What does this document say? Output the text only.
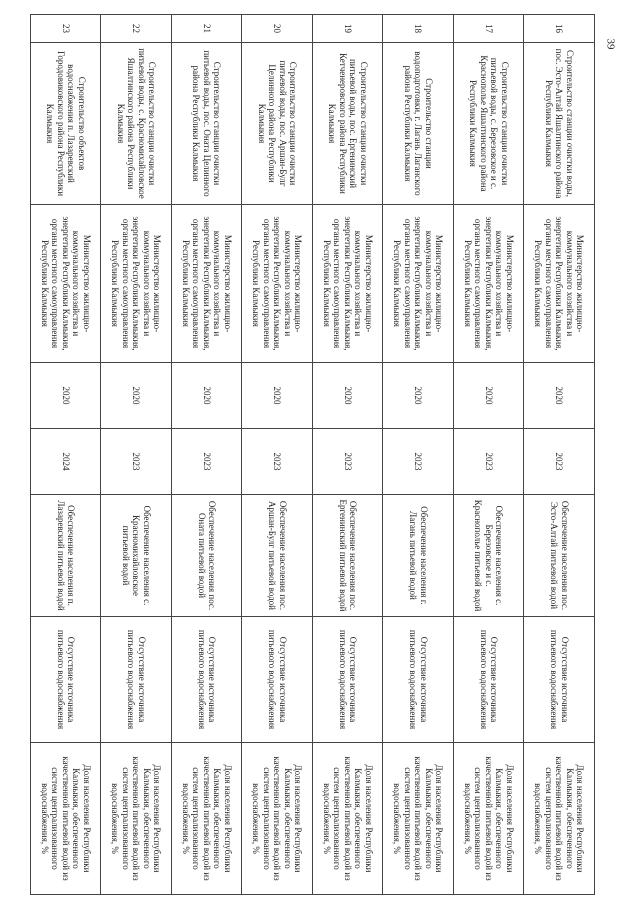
39
16	Строительство станции очистки воды, пос. Эсто-Алтай Яшалтинского района Республики Калмыкия	Министерство жилищно-коммунального хозяйства и энергетики Республики Калмыкия, органы местного самоуправления Республики Калмыкия	2020	2023	Обеспечение населения пос. Эсто-Алтай питьевой водой	Отсутствие источника питьевого водоснабжения	Доля населения Республики Калмыкия, обеспеченного качественной питьевой водой из систем централизованного водоснабжения, %
17	Строительство станции очистки питьевой воды, с. Березовское и с. Краснополье Яшалтинского района Республики Калмыкия	Министерство жилищно-коммунального хозяйства и энергетики Республики Калмыкия, органы местного самоуправления Республики Калмыкия	2020	2023	Обеспечение населения с. Березовское и с. Краснополье питьевой водой	Отсутствие источника питьевого водоснабжения	Доля населения Республики Калмыкия, обеспеченного качественной питьевой водой из систем централизованного водоснабжения, %
18	Строительство станции водоподготовки, г. Лагань Лаганского района Республики Калмыкия	Министерство жилищно-коммунального хозяйства и энергетики Республики Калмыкия, органы местного самоуправления Республики Калмыкия	2020	2023	Обеспечение населения г. Лагань питьевой водой	Отсутствие источника питьевого водоснабжения	Доля населения Республики Калмыкия, обеспеченного качественной питьевой водой из систем централизованного водоснабжения, %
19	Строительство станции очистки питьевой воды, пос. Ергенинский Кетченеровского района Республики Калмыкия	Министерство жилищно-коммунального хозяйства и энергетики Республики Калмыкия, органы местного самоуправления Республики Калмыкия	2020	2023	Обеспечение населения пос. Ергенинский питьевой водой	Отсутствие источника питьевого водоснабжения	Доля населения Республики Калмыкия, обеспеченного качественной питьевой водой из систем централизованного водоснабжения, %
20	Строительство станции очистки питьевой воды, пос. Аршан-Булг Целинного района Республики Калмыкия	Министерство жилищно-коммунального хозяйства и энергетики Республики Калмыкия, органы местного самоуправления Республики Калмыкия	2020	2023	Обеспечение населения пос. Аршан-Булг питьевой водой	Отсутствие источника питьевого водоснабжения	Доля населения Республики Калмыкия, обеспеченного качественной питьевой водой из систем централизованного водоснабжения, %
21	Строительство станции очистки питьевой воды, пос. Оната Целинного района Республики Калмыкия	Министерство жилищно-коммунального хозяйства и энергетики Республики Калмыкия, органы местного самоуправления Республики Калмыкия	2020	2023	Обеспечение населения пос. Оната питьевой водой	Отсутствие источника питьевого водоснабжения	Доля населения Республики Калмыкия, обеспеченного качественной питьевой водой из систем централизованного водоснабжения, %
22	Строительство станции очистки питьевой воды, с. Красномихайловское Яшалтинского района Республики Калмыкия	Министерство жилищно-коммунального хозяйства и энергетики Республики Калмыкия, органы местного самоуправления Республики Калмыкия	2020	2023	Обеспечение населения с. Красномихайловское питьевой водой	Отсутствие источника питьевого водоснабжения	Доля населения Республики Калмыкия, обеспеченного качественной питьевой водой из систем централизованного водоснабжения, %
23	Строительство объектов водоснабжения п. Лазаревский Городовиковского района Республики Калмыкия	Министерство жилищно-коммунального хозяйства и энергетики Республики Калмыкия, органы местного самоуправления Республики Калмыкия	2020	2024	Обеспечение населения п. Лазаревский питьевой водой	Отсутствие источника питьевого водоснабжения	Доля населения Республики Калмыкия, обеспеченного качественной питьевой водой из систем централизованного водоснабжения, %
